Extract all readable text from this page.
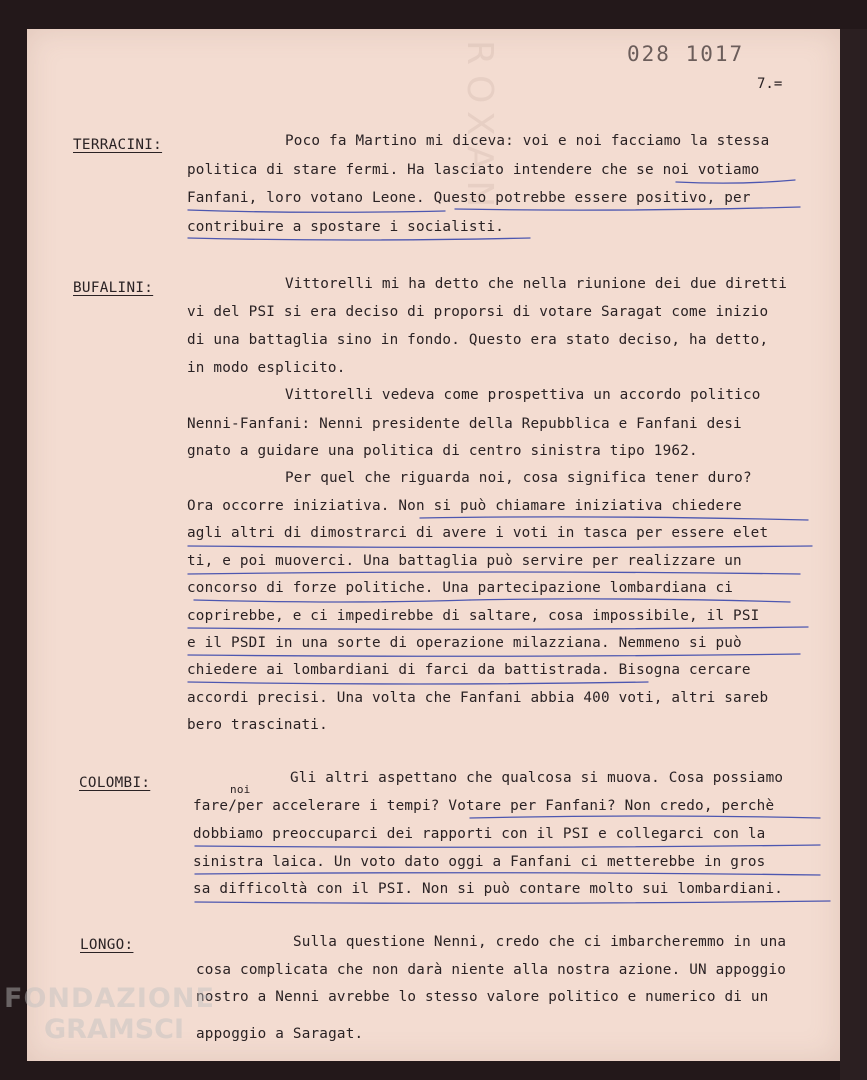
ROXAN	028 1017
7.=
TERRACINI:
BUFALINI:
COLOMBI:
LONGO:
Poco fa Martino mi diceva: voi e noi facciamo la stessa
politica di stare fermi. Ha lasciato intendere che se noi votiamo
Fanfani, loro votano Leone. Questo potrebbe essere positivo, per
contribuire a spostare i socialisti.
Vittorelli mi ha detto che nella riunione dei due diretti
vi del PSI si era deciso di proporsi di votare Saragat come inizio
di una battaglia sino in fondo. Questo era stato deciso, ha detto,
in modo esplicito.
Vittorelli vedeva come prospettiva un accordo politico
Nenni-Fanfani: Nenni presidente della Repubblica e Fanfani desi
gnato a guidare una politica di centro sinistra tipo 1962.
Per quel che riguarda noi, cosa significa tener duro?
Ora occorre iniziativa. Non si può chiamare iniziativa chiedere
agli altri di dimostrarci di avere i voti in tasca per essere elet
ti, e poi muoverci. Una battaglia può servire per realizzare un
concorso di forze politiche. Una partecipazione lombardiana ci
coprirebbe, e ci impedirebbe di saltare, cosa impossibile, il PSI
e il PSDI in una sorte di operazione milazziana. Nemmeno si può
chiedere ai lombardiani di farci da battistrada. Bisogna cercare
accordi precisi. Una volta che Fanfani abbia 400 voti, altri sareb
bero trascinati.
Gli altri aspettano che qualcosa si muova. Cosa possiamo
noi
fare/per accelerare i tempi? Votare per Fanfani? Non credo, perchè
dobbiamo preoccuparci dei rapporti con il PSI e collegarci con la
sinistra laica. Un voto dato oggi a Fanfani ci metterebbe in gros
sa difficoltà con il PSI. Non si può contare molto sui lombardiani.
Sulla questione Nenni, credo che ci imbarcheremmo in una
cosa complicata che non darà niente alla nostra azione. UN appoggio
nostro a Nenni avrebbe lo stesso valore politico e numerico di un
appoggio a Saragat.
FONDAZIONE
GRAMSCI
